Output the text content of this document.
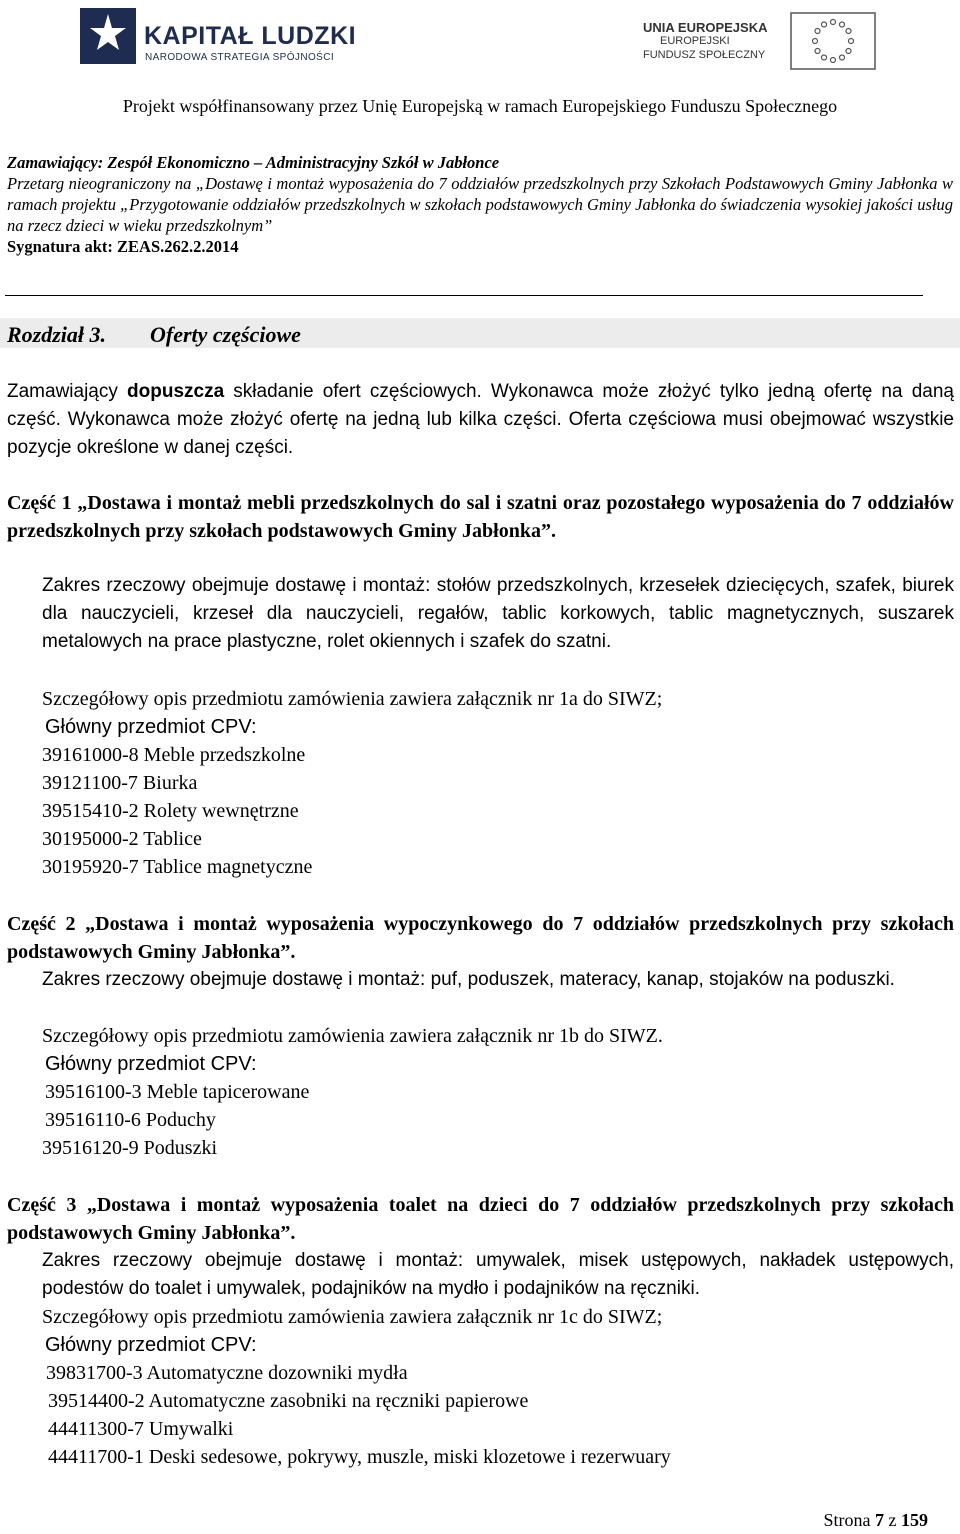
KAPITAŁ LUDZKI
NARODOWA STRATEGIA SPÓJNOŚCI
UNIA EUROPEJSKA
EUROPEJSKI
FUNDUSZ SPOŁECZNY
Projekt współfinansowany przez Unię Europejską w ramach Europejskiego Funduszu Społecznego
Zamawiający: Zespół Ekonomiczno – Administracyjny Szkół w Jabłonce
Przetarg nieograniczony na „Dostawę i montaż wyposażenia do 7 oddziałów przedszkolnych przy Szkołach Podstawowych Gminy Jabłonka w ramach projektu „Przygotowanie oddziałów przedszkolnych w szkołach podstawowych Gminy Jabłonka do świadczenia wysokiej jakości usług na rzecz dzieci w wieku przedszkolnym”
Sygnatura akt: ZEAS.262.2.2014
Rozdział 3. Oferty częściowe
Zamawiający dopuszcza składanie ofert częściowych. Wykonawca może złożyć tylko jedną ofertę na daną część. Wykonawca może złożyć ofertę na jedną lub kilka części. Oferta częściowa musi obejmować wszystkie pozycje określone w danej części.
Część 1 „Dostawa i montaż mebli przedszkolnych do sal i szatni oraz pozostałego wyposażenia do 7 oddziałów przedszkolnych przy szkołach podstawowych Gminy Jabłonka”.
Zakres rzeczowy obejmuje dostawę i montaż: stołów przedszkolnych, krzesełek dziecięcych, szafek, biurek dla nauczycieli, krzeseł dla nauczycieli, regałów, tablic korkowych, tablic magnetycznych, suszarek metalowych na prace plastyczne, rolet okiennych i szafek do szatni.
Szczegółowy opis przedmiotu zamówienia zawiera załącznik nr 1a do SIWZ;
Główny przedmiot CPV:
39161000-8 Meble przedszkolne
39121100-7 Biurka
39515410-2 Rolety wewnętrzne
30195000-2 Tablice
30195920-7 Tablice magnetyczne
Część 2 „Dostawa i montaż wyposażenia wypoczynkowego do 7 oddziałów przedszkolnych przy szkołach podstawowych Gminy Jabłonka”.
Zakres rzeczowy obejmuje dostawę i montaż: puf, poduszek, materacy, kanap, stojaków na poduszki.
Szczegółowy opis przedmiotu zamówienia zawiera załącznik nr 1b do SIWZ.
Główny przedmiot CPV:
39516100-3 Meble tapicerowane
39516110-6 Poduchy
39516120-9 Poduszki
Część 3 „Dostawa i montaż wyposażenia toalet na dzieci do 7 oddziałów przedszkolnych przy szkołach podstawowych Gminy Jabłonka”.
Zakres rzeczowy obejmuje dostawę i montaż: umywalek, misek ustępowych, nakładek ustępowych, podestów do toalet i umywalek, podajników na mydło i podajników na ręczniki.
Szczegółowy opis przedmiotu zamówienia zawiera załącznik nr 1c do SIWZ;
Główny przedmiot CPV:
39831700-3 Automatyczne dozowniki mydła
39514400-2 Automatyczne zasobniki na ręczniki papierowe
44411300-7 Umywalki
44411700-1 Deski sedesowe, pokrywy, muszle, miski klozetowe i rezerwuary
Strona 7 z 159
